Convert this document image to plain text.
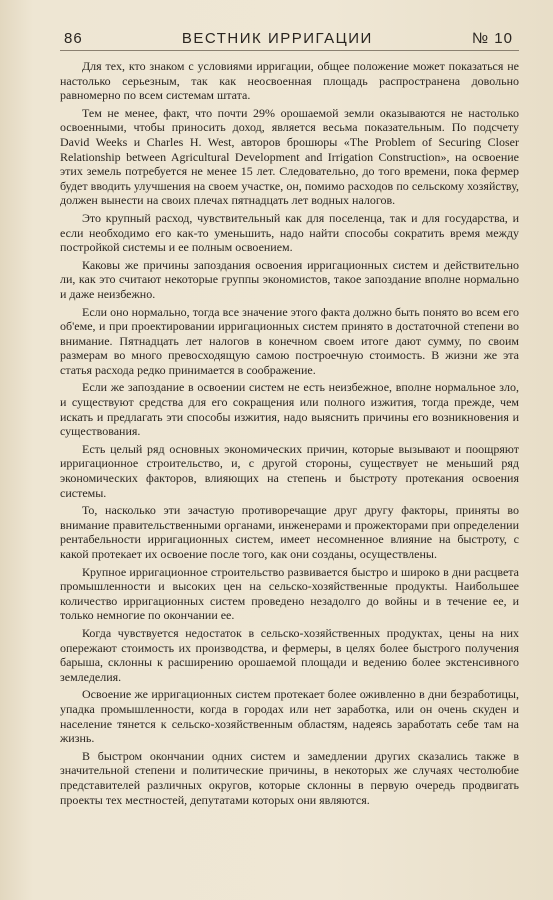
86	ВЕСТНИК ИРРИГАЦИИ	№ 10

Для тех, кто знаком с условиями ирригации, общее положение может показаться не настолько серьезным, так как неосвоенная площадь распространена довольно равномерно по всем системам штата.

Тем не менее, факт, что почти 29% орошаемой земли оказываются не настолько освоенными, чтобы приносить доход, является весьма показательным. По подсчету David Weeks и Charles H. West, авторов брошюры «The Problem of Securing Closer Relationship between Agricultural Development and Irrigation Construction», на освоение этих земель потребуется не менее 15 лет. Следовательно, до того времени, пока фермер будет вводить улучшения на своем участке, он, помимо расходов по сельскому хозяйству, должен вынести на своих плечах пятнадцать лет водных налогов.

Это крупный расход, чувствительный как для поселенца, так и для государства, и если необходимо его как-то уменьшить, надо найти способы сократить время между постройкой системы и ее полным освоением.

Каковы же причины запоздания освоения ирригационных систем и действительно ли, как это считают некоторые группы экономистов, такое запоздание вполне нормально и даже неизбежно.

Если оно нормально, тогда все значение этого факта должно быть понято во всем его об'еме, и при проектировании ирригационных систем принято в достаточной степени во внимание. Пятнадцать лет налогов в конечном своем итоге дают сумму, по своим размерам во много превосходящую самою построечную стоимость. В жизни же эта статья расхода редко принимается в соображение.

Если же запоздание в освоении систем не есть неизбежное, вполне нормальное зло, и существуют средства для его сокращения или полного изжития, тогда прежде, чем искать и предлагать эти способы изжития, надо выяснить причины его возникновения и существования.

Есть целый ряд основных экономических причин, которые вызывают и поощряют ирригационное строительство, и, с другой стороны, существует не меньший ряд экономических факторов, влияющих на степень и быстроту протекания освоения системы.

То, насколько эти зачастую противоречащие друг другу факторы, приняты во внимание правительственными органами, инженерами и прожекторами при определении рентабельности ирригационных систем, имеет несомненное влияние на быстроту, с какой протекает их освоение после того, как они созданы, осуществлены.

Крупное ирригационное строительство развивается быстро и широко в дни расцвета промышленности и высоких цен на сельско-хозяйственные продукты. Наибольшее количество ирригационных систем проведено незадолго до войны и в течение ее, и только немногие по окончании ее.

Когда чувствуется недостаток в сельско-хозяйственных продуктах, цены на них опережают стоимость их производства, и фермеры, в целях более быстрого получения барыша, склонны к расширению орошаемой площади и ведению более экстенсивного земледелия.

Освоение же ирригационных систем протекает более оживленно в дни безработицы, упадка промышленности, когда в городах или нет заработка, или он очень скуден и население тянется к сельско-хозяйственным областям, надеясь заработать себе там на жизнь.

В быстром окончании одних систем и замедлении других сказались также в значительной степени и политические причины, в некоторых же случаях честолюбие представителей различных округов, которые склонны в первую очередь продвигать проекты тех местностей, депутатами которых они являются.
